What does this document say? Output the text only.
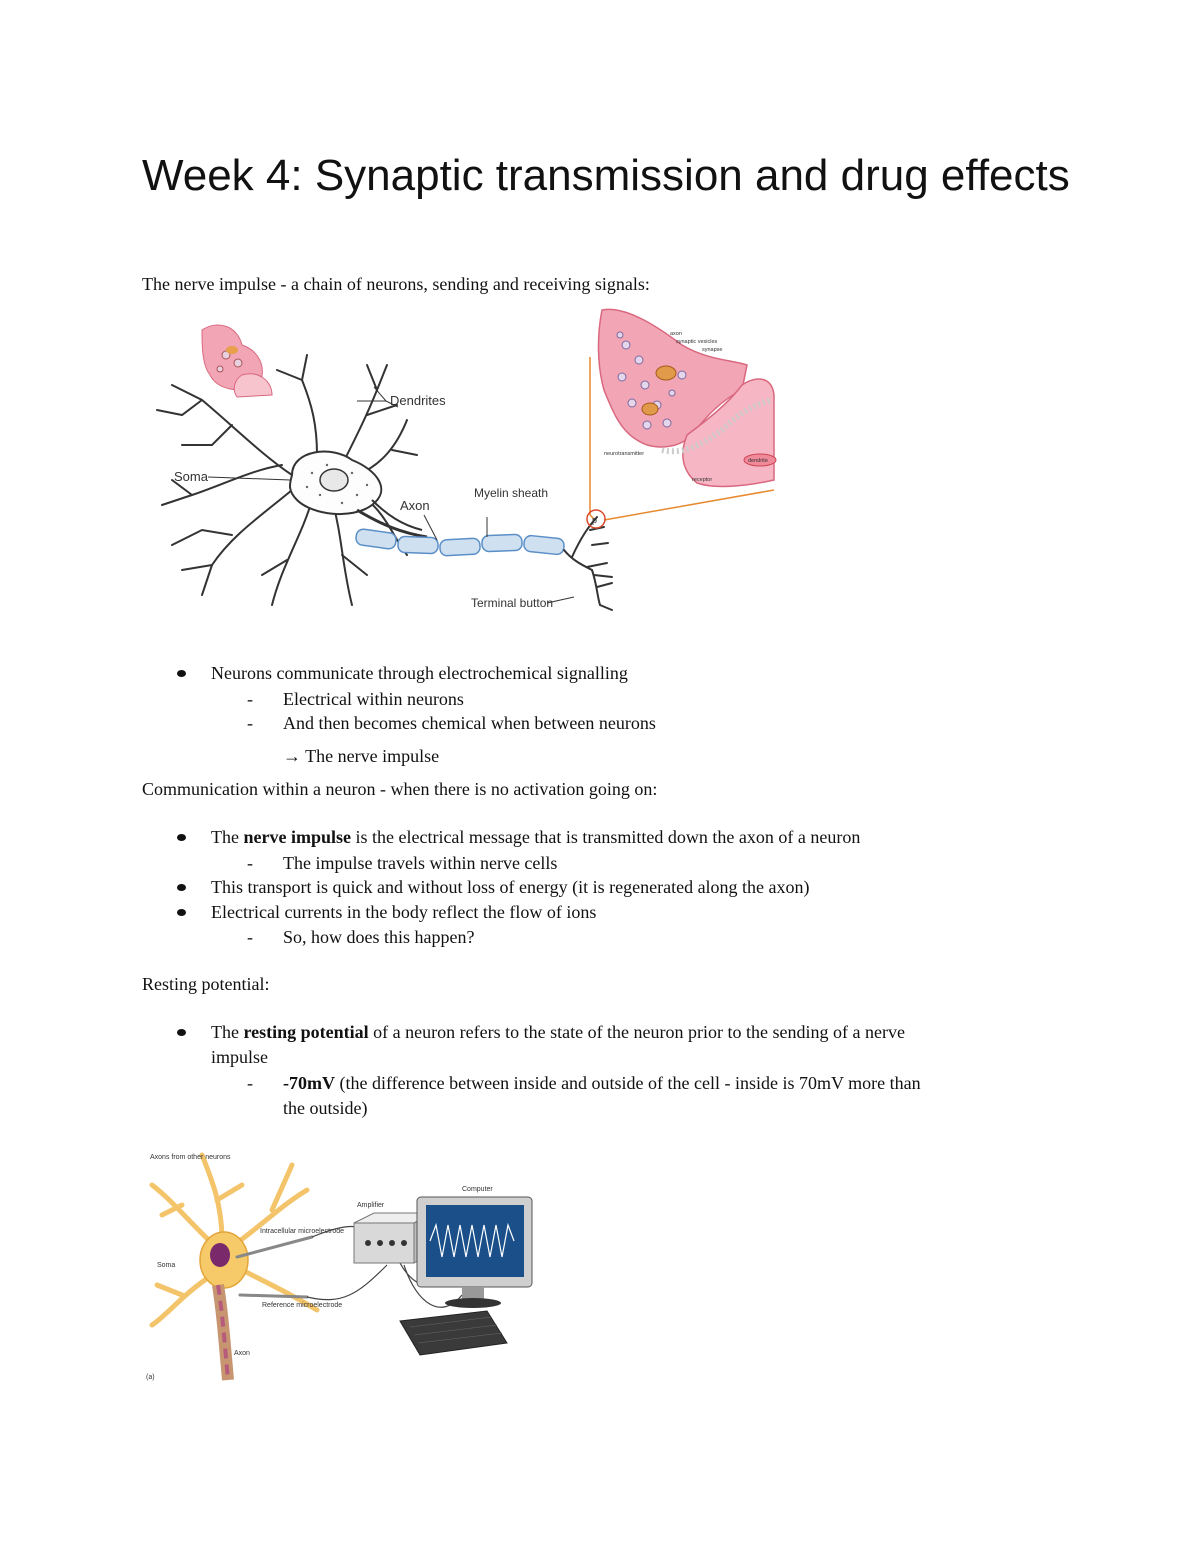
Week 4: Synaptic transmission and drug effects

The nerve impulse - a chain of neurons, sending and receiving signals:

p
Dendrites
Soma
Axon
Myelin sheath
Terminal button
axon
synaptic vesicles
synapse
neurotransmitter
dendrite
receptor

Neurons communicate through electrochemical signalling

- Electrical within neurons

- And then becomes chemical when between neurons

→ The nerve impulse

Communication within a neuron - when there is no activation going on:

The nerve impulse is the electrical message that is transmitted down the axon of a neuron

- The impulse travels within nerve cells

This transport is quick and without loss of energy (it is regenerated along the axon)

Electrical currents in the body reflect the flow of ions

- So, how does this happen?

Resting potential:

The resting potential of a neuron refers to the state of the neuron prior to the sending of a nerve

impulse

- -70mV (the difference between inside and outside of the cell - inside is 70mV more than

the outside)

Axons from other neurons
Soma
Axon
Intracellular microelectrode
Reference microelectrode
Amplifier
Computer
(a)
